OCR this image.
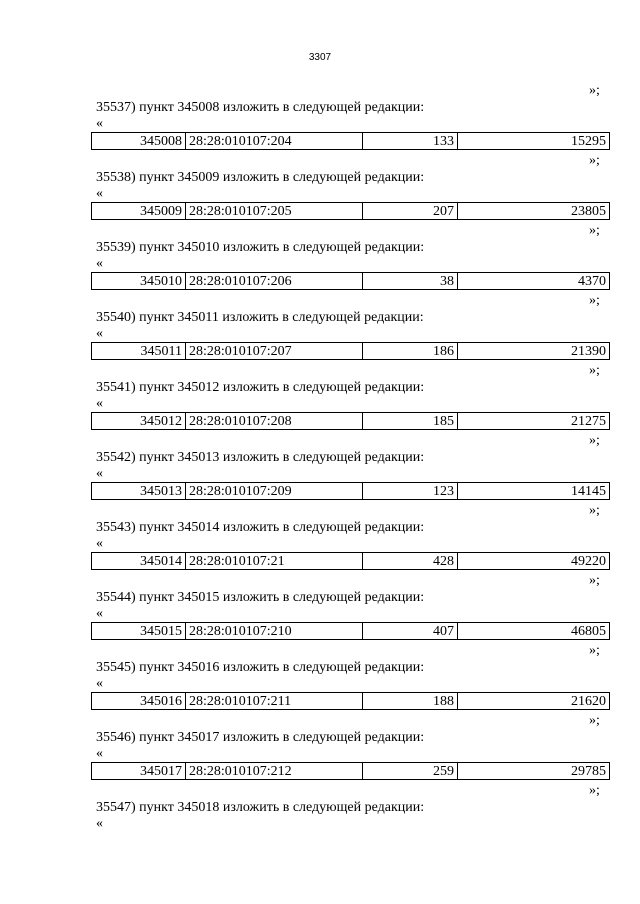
3307
»;
35537) пункт 345008 изложить в следующей редакции:
«
345008	28:28:010107:204	133	15295
»;
35538) пункт 345009 изложить в следующей редакции:
«
345009	28:28:010107:205	207	23805
»;
35539) пункт 345010 изложить в следующей редакции:
«
345010	28:28:010107:206	38	4370
»;
35540) пункт 345011 изложить в следующей редакции:
«
345011	28:28:010107:207	186	21390
»;
35541) пункт 345012 изложить в следующей редакции:
«
345012	28:28:010107:208	185	21275
»;
35542) пункт 345013 изложить в следующей редакции:
«
345013	28:28:010107:209	123	14145
»;
35543) пункт 345014 изложить в следующей редакции:
«
345014	28:28:010107:21	428	49220
»;
35544) пункт 345015 изложить в следующей редакции:
«
345015	28:28:010107:210	407	46805
»;
35545) пункт 345016 изложить в следующей редакции:
«
345016	28:28:010107:211	188	21620
»;
35546) пункт 345017 изложить в следующей редакции:
«
345017	28:28:010107:212	259	29785
»;
35547) пункт 345018 изложить в следующей редакции:
«
